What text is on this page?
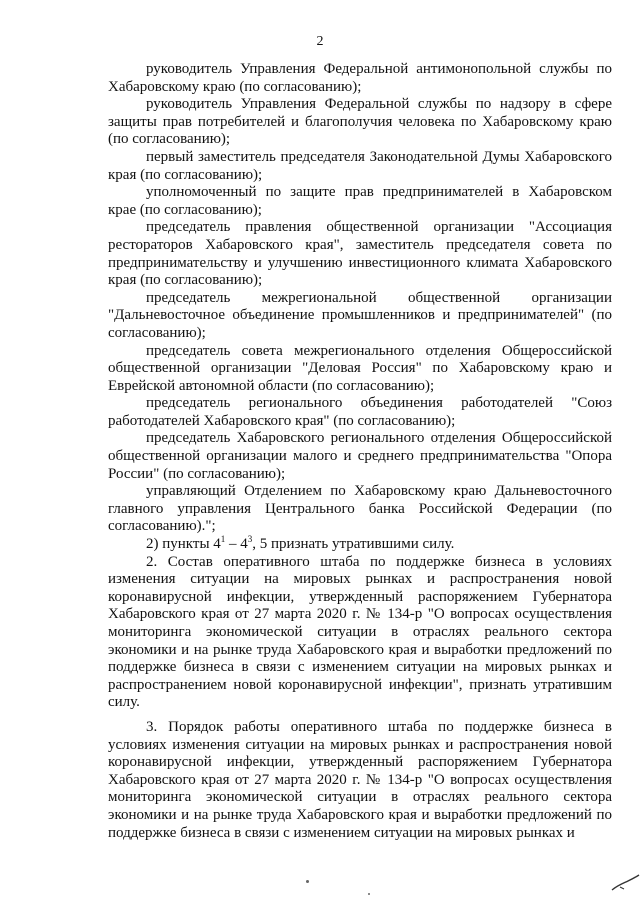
2

руководитель Управления Федеральной антимонопольной службы по Хабаровскому краю (по согласованию);

руководитель Управления Федеральной службы по надзору в сфере защиты прав потребителей и благополучия человека по Хабаровскому краю (по согласованию);

первый заместитель председателя Законодательной Думы Хабаровского края (по согласованию);

уполномоченный по защите прав предпринимателей в Хабаровском крае (по согласованию);

председатель правления общественной организации "Ассоциация рестораторов Хабаровского края", заместитель председателя совета по предпринимательству и улучшению инвестиционного климата Хабаровского края (по согласованию);

председатель межрегиональной общественной организации "Дальневосточное объединение промышленников и предпринимателей" (по согласованию);

председатель совета межрегионального отделения Общероссийской общественной организации "Деловая Россия" по Хабаровскому краю и Еврейской автономной области (по согласованию);

председатель регионального объединения работодателей "Союз работодателей Хабаровского края" (по согласованию);

председатель Хабаровского регионального отделения Общероссийской общественной организации малого и среднего предпринимательства "Опора России" (по согласованию);

управляющий Отделением по Хабаровскому краю Дальневосточного главного управления Центрального банка Российской Федерации (по согласованию).";

2) пункты $4^1 - 4^3$, 5 признать утратившими силу.

2. Состав оперативного штаба по поддержке бизнеса в условиях изменения ситуации на мировых рынках и распространения новой коронавирусной инфекции, утвержденный распоряжением Губернатора Хабаровского края от 27 марта 2020 г. № 134-р "О вопросах осуществления мониторинга экономической ситуации в отраслях реального сектора экономики и на рынке труда Хабаровского края и выработки предложений по поддержке бизнеса в связи с изменением ситуации на мировых рынках и распространением новой коронавирусной инфекции", признать утратившим силу.

3. Порядок работы оперативного штаба по поддержке бизнеса в условиях изменения ситуации на мировых рынках и распространения новой коронавирусной инфекции, утвержденный распоряжением Губернатора Хабаровского края от 27 марта 2020 г. № 134-р "О вопросах осуществления мониторинга экономической ситуации в отраслях реального сектора экономики и на рынке труда Хабаровского края и выработки предложений по поддержке бизнеса в связи с изменением ситуации на мировых рынках и
